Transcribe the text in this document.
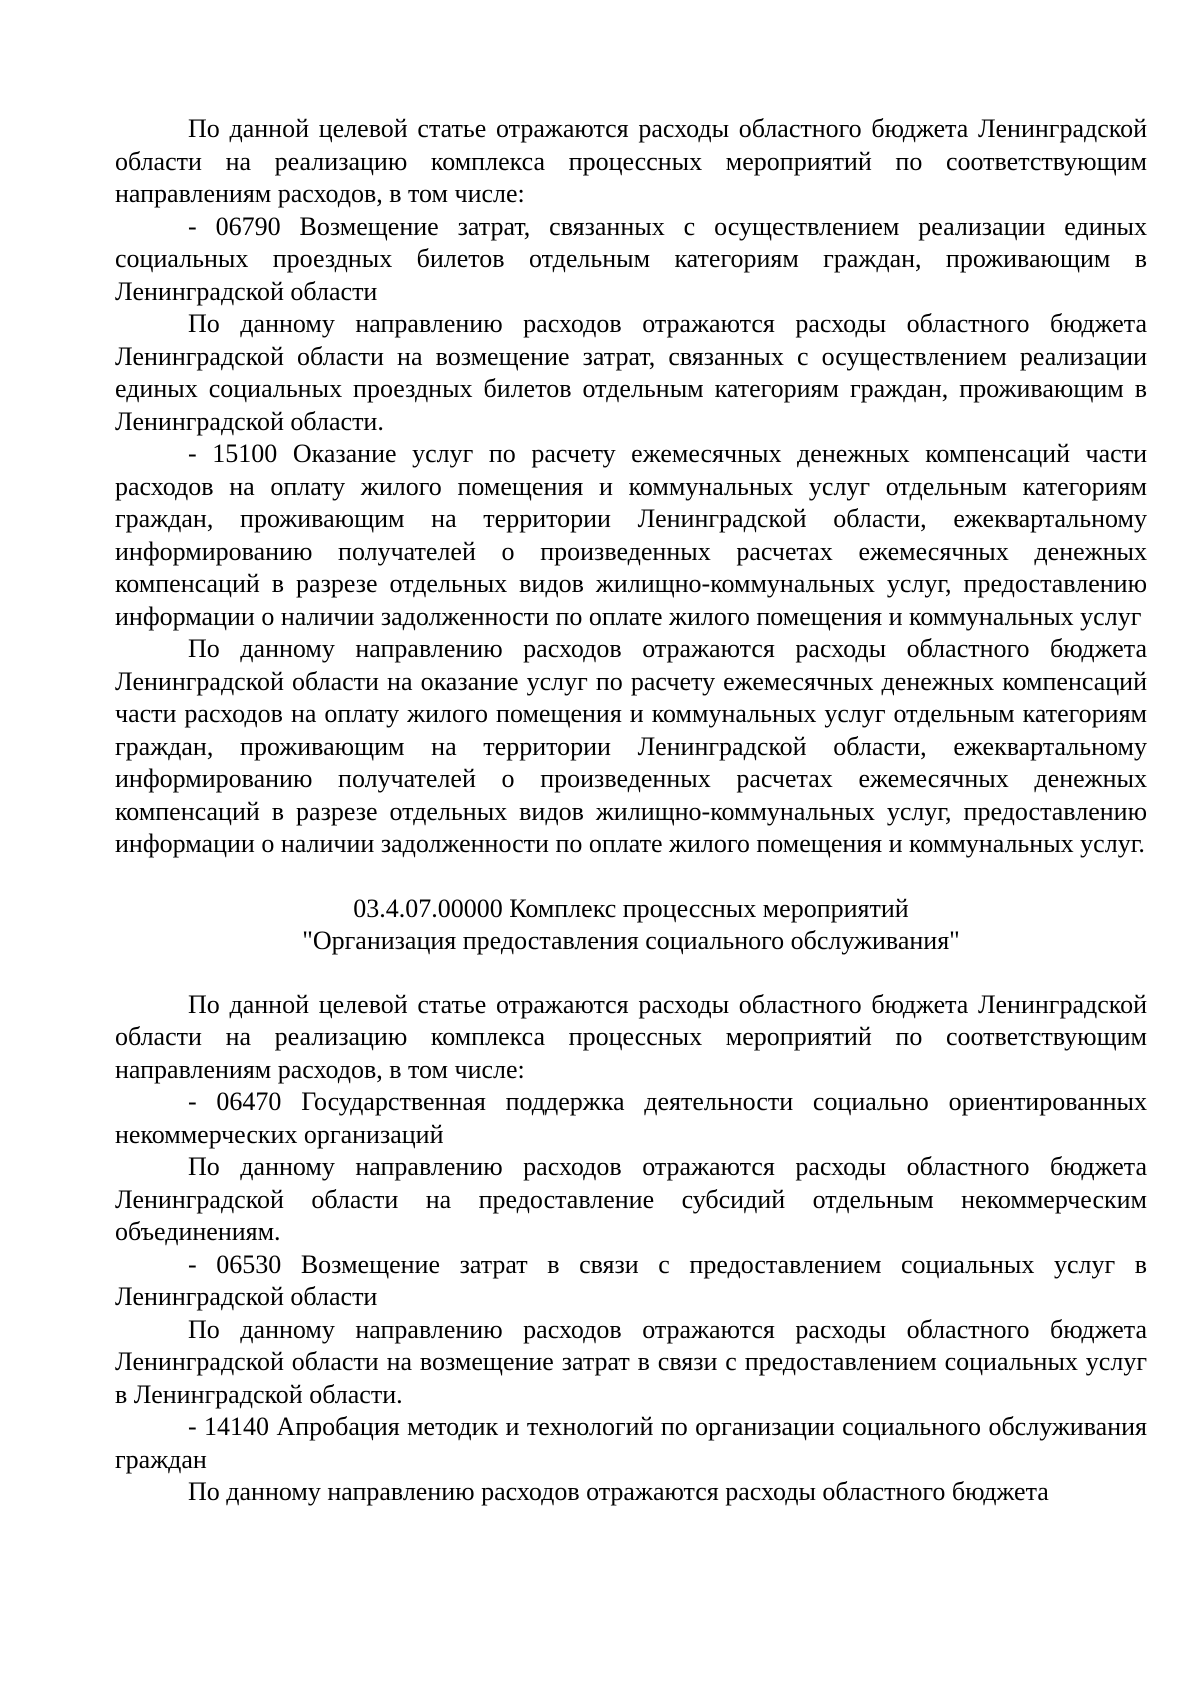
По данной целевой статье отражаются расходы областного бюджета Ленинградской области на реализацию комплекса процессных мероприятий по соответствующим направлениям расходов, в том числе:

- 06790 Возмещение затрат, связанных с осуществлением реализации единых социальных проездных билетов отдельным категориям граждан, проживающим в Ленинградской области

По данному направлению расходов отражаются расходы областного бюджета Ленинградской области на возмещение затрат, связанных с осуществлением реализации единых социальных проездных билетов отдельным категориям граждан, проживающим в Ленинградской области.

- 15100 Оказание услуг по расчету ежемесячных денежных компенсаций части расходов на оплату жилого помещения и коммунальных услуг отдельным категориям граждан, проживающим на территории Ленинградской области, ежеквартальному информированию получателей о произведенных расчетах ежемесячных денежных компенсаций в разрезе отдельных видов жилищно-коммунальных услуг, предоставлению информации о наличии задолженности по оплате жилого помещения и коммунальных услуг

По данному направлению расходов отражаются расходы областного бюджета Ленинградской области на оказание услуг по расчету ежемесячных денежных компенсаций части расходов на оплату жилого помещения и коммунальных услуг отдельным категориям граждан, проживающим на территории Ленинградской области, ежеквартальному информированию получателей о произведенных расчетах ежемесячных денежных компенсаций в разрезе отдельных видов жилищно-коммунальных услуг, предоставлению информации о наличии задолженности по оплате жилого помещения и коммунальных услуг.

03.4.07.00000 Комплекс процессных мероприятий
"Организация предоставления социального обслуживания"

По данной целевой статье отражаются расходы областного бюджета Ленинградской области на реализацию комплекса процессных мероприятий по соответствующим направлениям расходов, в том числе:

- 06470 Государственная поддержка деятельности социально ориентированных некоммерческих организаций

По данному направлению расходов отражаются расходы областного бюджета Ленинградской области на предоставление субсидий отдельным некоммерческим объединениям.

- 06530 Возмещение затрат в связи с предоставлением социальных услуг в Ленинградской области

По данному направлению расходов отражаются расходы областного бюджета Ленинградской области на возмещение затрат в связи с предоставлением социальных услуг в Ленинградской области.

- 14140 Апробация методик и технологий по организации социального обслуживания граждан

По данному направлению расходов отражаются расходы областного бюджета
